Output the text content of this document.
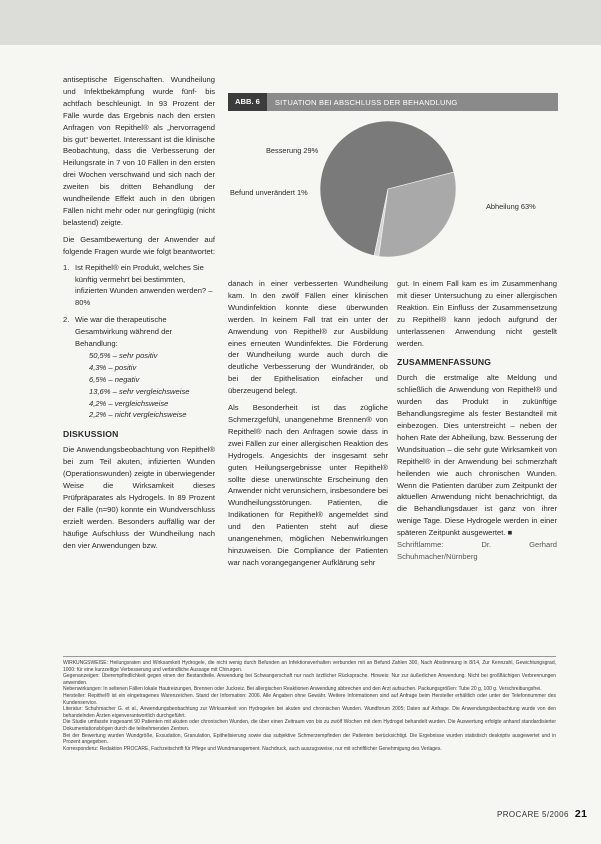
antiseptische Eigenschaften. Wundheilung und Infektbekämpfung wurde fünf- bis achtfach beschleunigt. In 93 Prozent der Fälle wurde das Ergebnis nach den ersten Anfragen von Repithel® als „hervorragend bis gut“ bewertet. Interessant ist die klinische Beobachtung, dass die Verbesserung der Heilungsrate in 7 von 10 Fällen in den ersten drei Wochen verschwand und sich nach der zweiten bis dritten Behandlung der wundheilende Effekt auch in den übrigen Fällen nicht mehr oder nur geringfügig (nicht belastend) zeigte.

Die Gesamtbewertung der Anwender auf folgende Fragen wurde wie folgt beantwortet:

1. Ist Repithel® ein Produkt, welches Sie künftig vermehrt bei bestimmten, infizierten Wunden anwenden werden? – 80%
2. Wie war die therapeutische Gesamtwirkung während der Behandlung:
50,5% – sehr positiv
4,3% – positiv
6,5% – negativ
13,6% – sehr vergleichsweise
4,2% – vergleichsweise
2,2% – nicht vergleichsweise
DISKUSSION

Die Anwendungsbeobachtung von Repithel® bei zum Teil akuten, infizierten Wunden (Operationswunden) zeigte in überwiegender Weise die Wirksamkeit dieses Prüfpräparates als Hydrogels. In 89 Prozent der Fälle (n=90) konnte ein Wundverschluss erzielt werden. Besonders auffällig war der häufige Aufschluss der Wundheilung nach den vier Anwendungen bzw.

ABB. 6	SITUATION BEI ABSCHLUSS DER BEHANDLUNG
Abheilung 63%
Besserung 29%
Befund unverändert 1%

danach in einer verbesserten Wundheilung kam. In den zwölf Fällen einer klinischen Wundinfektion konnte diese überwunden werden. In keinem Fall trat ein unter der Anwendung von Repithel® zur Ausbildung eines erneuten Wundinfektes. Die Förderung der Wundheilung wurde auch durch die deutliche Verbesserung der Wundränder, ob bei der Epithelisation einfacher und überzeugend belegt.

Als Besonderheit ist das zügliche Schmerzgefühl, unangenehme Brennen® von Repithel® nach den Anfragen sowie dass in zwei Fällen zur einer allergischen Reaktion des Hydrogels. Angesichts der insgesamt sehr guten Heilungsergebnisse unter Repithel® sollte diese unerwünschte Erscheinung den Anwender nicht verunsichern, insbesondere bei Wundheilungsstörungen. Patienten, die Indikationen für Repithel® angemeldet sind und den Patienten steht auf diese unangenehmen, möglichen Nebenwirkungen hinzuweisen. Die Compliance der Patienten war nach vorangegangener Aufklärung sehr

gut. In einem Fall kam es im Zusammenhang mit dieser Untersuchung zu einer allergischen Reaktion. Ein Einfluss der Zusammensetzung zu Repithel® kann jedoch aufgrund der unterlassenen Anwendung nicht gestellt werden.

ZUSAMMENFASSUNG

Durch die erstmalige alte Meldung und schließlich die Anwendung von Repithel® und wurden das Produkt in zukünftige Behandlungsregime als fester Bestandteil mit einbezogen. Dies unterstreicht – neben der hohen Rate der Abheilung, bzw. Besserung der Wundsituation – die sehr gute Wirksamkeit von Repithel® in der Anwendung bei schmerzhaft heilenden wie auch chronischen Wunden. Wenn die Patienten darüber zum Zeitpunkt der aktuellen Anwendung nicht benachrichtigt, da die Behandlungsdauer ist ganz von ihrer wenige Tage. Diese Hydrogele werden in einer späteren Zeitpunkt ausgewertet. ■

Schriftlamme: Dr. Gerhard Schuhmacher/Nürnberg

WIRKUNGSWEISE: Heilungsraten und Wirksamkeit Hydrogele, die nicht wenig durch Befunden an Infektionsverhalten verbunden mit an Befund Zahlen 300, Nach Abstimmung in 8/14, Zur Kennzahl, Gewichtungsgrad, 1000: für eine kurzzeitige Verbesserung und verbindliche Aussage mit Chirurgen.

Gegenanzeigen: Überempfindlichkeit gegen einen der Bestandteile. Anwendung bei Schwangerschaft nur nach ärztlicher Rücksprache. Hinweis: Nur zur äußerlichen Anwendung. Nicht bei großflächigen Verbrennungen anwenden.

Nebenwirkungen: In seltenen Fällen lokale Hautreizungen, Brennen oder Juckreiz. Bei allergischen Reaktionen Anwendung abbrechen und den Arzt aufsuchen. Packungsgrößen: Tube 20 g, 100 g. Verschreibungsfrei.

Hersteller: Repithel® ist ein eingetragenes Warenzeichen. Stand der Information: 2006. Alle Angaben ohne Gewähr. Weitere Informationen sind auf Anfrage beim Hersteller erhältlich oder unter der Telefonnummer des Kundenservice.

Literatur: Schuhmacher G. et al., Anwendungsbeobachtung zur Wirksamkeit von Hydrogelen bei akuten und chronischen Wunden. Wundforum 2005; Daten auf Anfrage. Die Anwendungsbeobachtung wurde von den behandelnden Ärzten eigenverantwortlich durchgeführt.

Die Studie umfasste insgesamt 90 Patienten mit akuten oder chronischen Wunden, die über einen Zeitraum von bis zu zwölf Wochen mit dem Hydrogel behandelt wurden. Die Auswertung erfolgte anhand standardisierter Dokumentationsbögen durch die teilnehmenden Zentren.

Bei der Bewertung wurden Wundgröße, Exsudation, Granulation, Epithelisierung sowie das subjektive Schmerzempfinden der Patienten berücksichtigt. Die Ergebnisse wurden statistisch deskriptiv ausgewertet und in Prozent angegeben.

Korrespondenz: Redaktion PROCARE, Fachzeitschrift für Pflege und Wundmanagement. Nachdruck, auch auszugsweise, nur mit schriftlicher Genehmigung des Verlages.

PROCARE 5/2006 21
